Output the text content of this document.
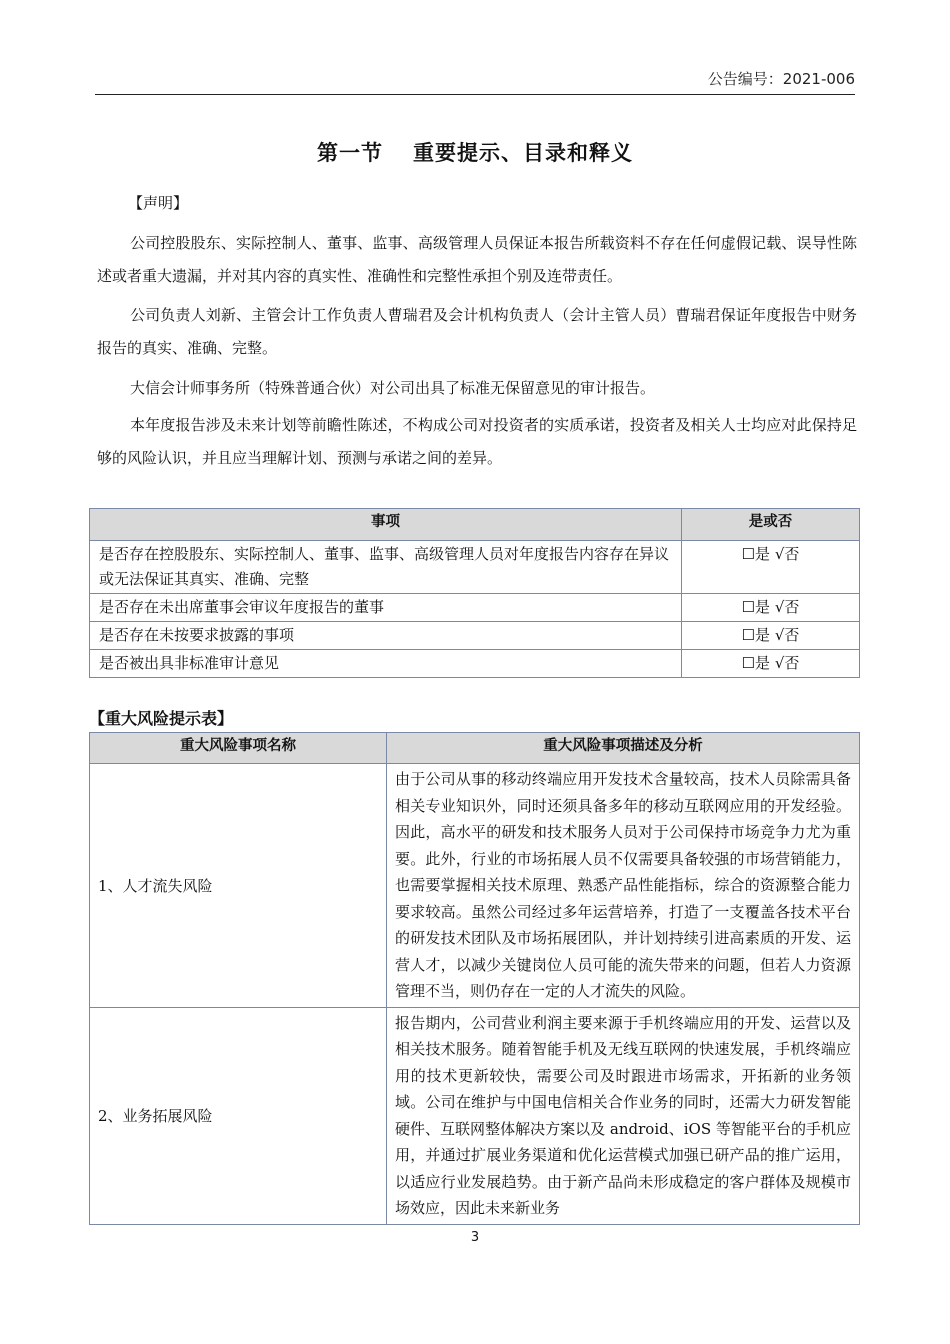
公告编号：2021-006
第一节 重要提示、目录和释义
【声明】
公司控股股东、实际控制人、董事、监事、高级管理人员保证本报告所载资料不存在任何虚假记载、误导性陈述或者重大遗漏，并对其内容的真实性、准确性和完整性承担个别及连带责任。
公司负责人刘新、主管会计工作负责人曹瑞君及会计机构负责人（会计主管人员）曹瑞君保证年度报告中财务报告的真实、准确、完整。
大信会计师事务所（特殊普通合伙）对公司出具了标准无保留意见的审计报告。
本年度报告涉及未来计划等前瞻性陈述，不构成公司对投资者的实质承诺，投资者及相关人士均应对此保持足够的风险认识，并且应当理解计划、预测与承诺之间的差异。
事项	是或否
是否存在控股股东、实际控制人、董事、监事、高级管理人员对年度报告内容存在异议或无法保证其真实、准确、完整	☐是 √否
是否存在未出席董事会审议年度报告的董事	☐是 √否
是否存在未按要求披露的事项	☐是 √否
是否被出具非标准审计意见	☐是 √否
【重大风险提示表】
重大风险事项名称	重大风险事项描述及分析
1、人才流失风险	由于公司从事的移动终端应用开发技术含量较高，技术人员除需具备相关专业知识外，同时还须具备多年的移动互联网应用的开发经验。因此，高水平的研发和技术服务人员对于公司保持市场竞争力尤为重要。此外，行业的市场拓展人员不仅需要具备较强的市场营销能力，也需要掌握相关技术原理、熟悉产品性能指标，综合的资源整合能力要求较高。虽然公司经过多年运营培养，打造了一支覆盖各技术平台的研发技术团队及市场拓展团队，并计划持续引进高素质的开发、运营人才，以减少关键岗位人员可能的流失带来的问题，但若人力资源管理不当，则仍存在一定的人才流失的风险。
2、业务拓展风险	报告期内，公司营业利润主要来源于手机终端应用的开发、运营以及相关技术服务。随着智能手机及无线互联网的快速发展，手机终端应用的技术更新较快，需要公司及时跟进市场需求，开拓新的业务领域。公司在维护与中国电信相关合作业务的同时，还需大力研发智能硬件、互联网整体解决方案以及 android、iOS 等智能平台的手机应用，并通过扩展业务渠道和优化运营模式加强已研产品的推广运用，以适应行业发展趋势。由于新产品尚未形成稳定的客户群体及规模市场效应，因此未来新业务
3
